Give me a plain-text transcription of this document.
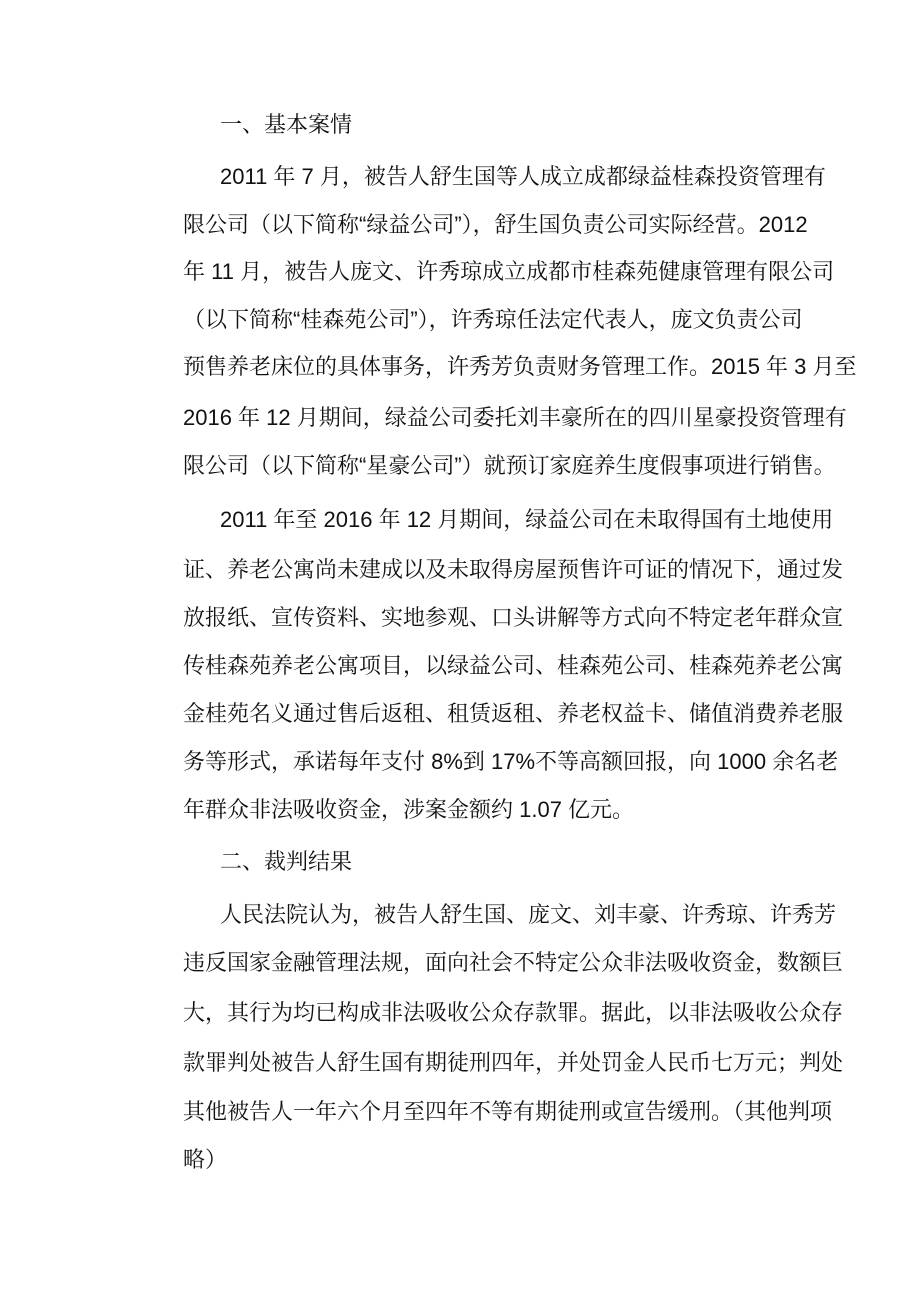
一、基本案情
2011 年 7 月，被告人舒生国等人成立成都绿益桂森投资管理有
限公司（以下简称“绿益公司”），舒生国负责公司实际经营。2012
年 11 月，被告人庞文、许秀琼成立成都市桂森苑健康管理有限公司
（以下简称“桂森苑公司”），许秀琼任法定代表人，庞文负责公司
预售养老床位的具体事务，许秀芳负责财务管理工作。2015 年 3 月至
2016 年 12 月期间，绿益公司委托刘丰豪所在的四川星豪投资管理有
限公司（以下简称“星豪公司”）就预订家庭养生度假事项进行销售。
2011 年至 2016 年 12 月期间，绿益公司在未取得国有土地使用
证、养老公寓尚未建成以及未取得房屋预售许可证的情况下，通过发
放报纸、宣传资料、实地参观、口头讲解等方式向不特定老年群众宣
传桂森苑养老公寓项目，以绿益公司、桂森苑公司、桂森苑养老公寓
金桂苑名义通过售后返租、租赁返租、养老权益卡、储值消费养老服
务等形式，承诺每年支付 8%到 17%不等高额回报，向 1000 余名老
年群众非法吸收资金，涉案金额约 1.07 亿元。
二、裁判结果
人民法院认为，被告人舒生国、庞文、刘丰豪、许秀琼、许秀芳
违反国家金融管理法规，面向社会不特定公众非法吸收资金，数额巨
大，其行为均已构成非法吸收公众存款罪。据此，以非法吸收公众存
款罪判处被告人舒生国有期徒刑四年，并处罚金人民币七万元；判处
其他被告人一年六个月至四年不等有期徒刑或宣告缓刑。（其他判项
略）
